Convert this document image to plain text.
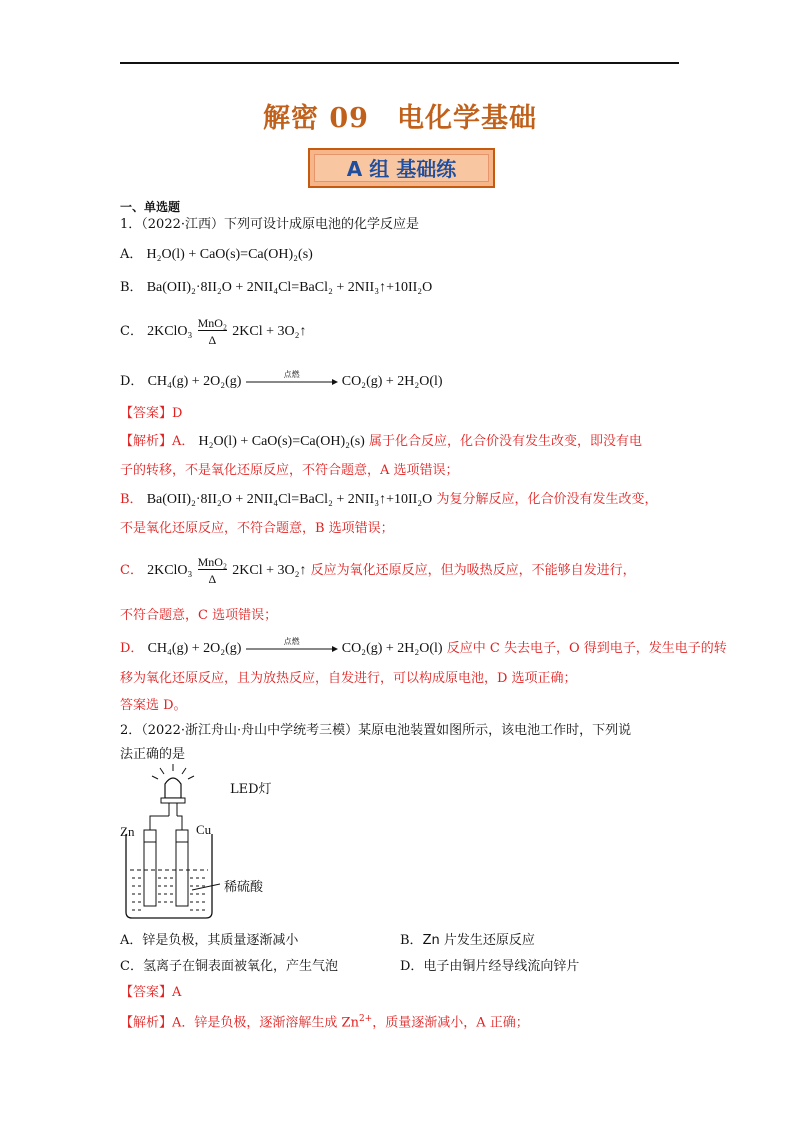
解密 09　电化学基础
A 组 基础练
一、单选题
1．（2022·江西）下列可设计成原电池的化学反应是
A． H₂O(l) + CaO(s)=Ca(OH)₂(s)
B． Ba(OII)₂·8II₂O + 2NII₄Cl=BaCl₂ + 2NII₃↑+10II₂O
C． 2KClO₃ $\frac{\text{MnO₂}}{\Delta} 2KCl$ + 3O₂↑
D． CH₄(g) + 2O₂(g)	点燃	CO₂(g) + 2H₂O(l)
【答案】D
【解析】A． H₂O(l) + CaO(s)=Ca(OH)₂(s) 属于化合反应，化合价没有发生改变，即没有电
子的转移，不是氧化还原反应，不符合题意，A 选项错误；
B． Ba(OII)₂·8II₂O + 2NII₄Cl=BaCl₂ + 2NII₃↑+10II₂O 为复分解反应，化合价没有发生改变，
不是氧化还原反应，不符合题意，B 选项错误；
C． 2KClO₃ $\frac{\text{MnO₂}}{\Delta} 2KCl$ + 3O₂↑ 反应为氧化还原反应，但为吸热反应，不能够自发进行，
不符合题意，C 选项错误；
D． CH₄(g) + 2O₂(g)	点燃	CO₂(g) + 2H₂O(l) 反应中 C 失去电子，O 得到电子，发生电子的转
移为氧化还原反应，且为放热反应，自发进行，可以构成原电池，D 选项正确；
答案选 D。
2．（2022·浙江舟山·舟山中学统考三模）某原电池装置如图所示，该电池工作时，下列说
法正确的是
LED灯
Zn	Cu
稀硫酸
A．锌是负极，其质量逐渐减小	B．Zn 片发生还原反应
C．氢离子在铜表面被氧化，产生气泡	D．电子由铜片经导线流向锌片
【答案】A
【解析】A．锌是负极，逐渐溶解生成 $Zn^{2+}$，质量逐渐减小，A 正确；
